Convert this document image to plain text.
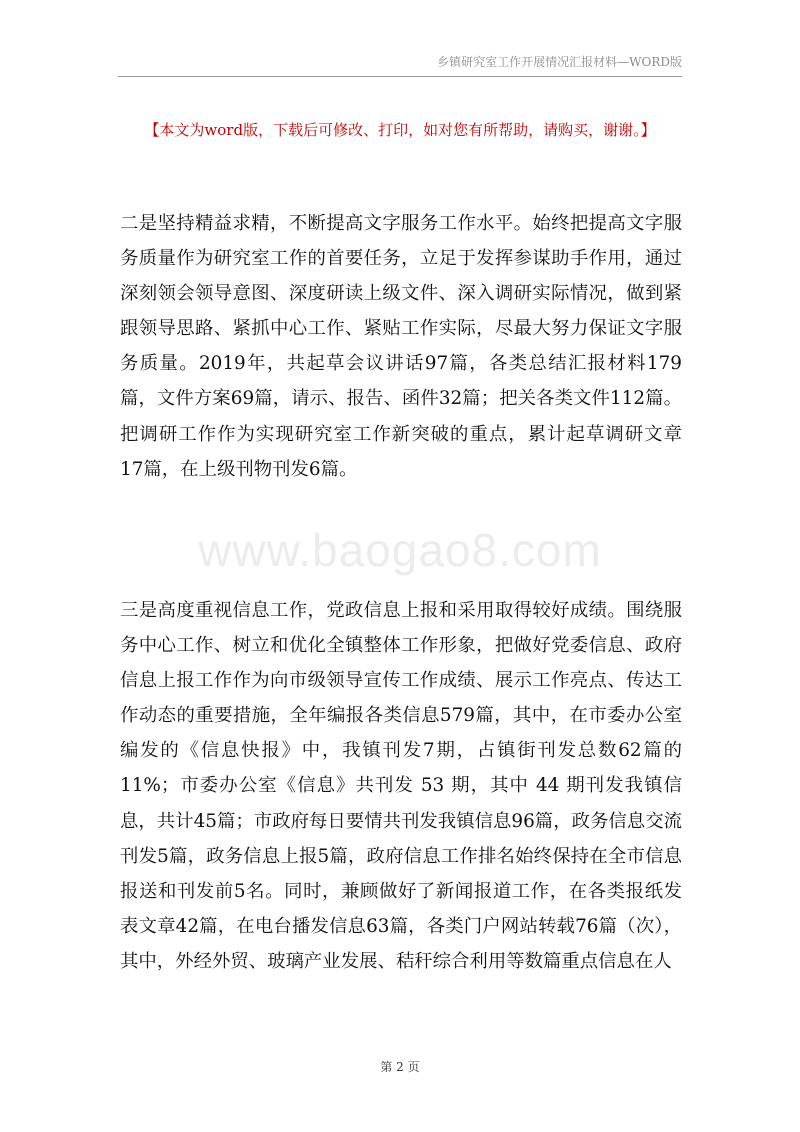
乡镇研究室工作开展情况汇报材料—WORD版
【本文为word版，下载后可修改、打印，如对您有所帮助，请购买，谢谢。】
www.baogao8.com

二是坚持精益求精，不断提高文字服务工作水平。始终把提高文字服务质量作为研究室工作的首要任务，立足于发挥参谋助手作用，通过深刻领会领导意图、深度研读上级文件、深入调研实际情况，做到紧跟领导思路、紧抓中心工作、紧贴工作实际，尽最大努力保证文字服务质量。2019年，共起草会议讲话97篇，各类总结汇报材料179篇，文件方案69篇，请示、报告、函件32篇；把关各类文件112篇。把调研工作作为实现研究室工作新突破的重点，累计起草调研文章 17篇，在上级刊物刊发6篇。

三是高度重视信息工作，党政信息上报和采用取得较好成绩。围绕服务中心工作、树立和优化全镇整体工作形象，把做好党委信息、政府信息上报工作作为向市级领导宣传工作成绩、展示工作亮点、传达工作动态的重要措施，全年编报各类信息579篇，其中，在市委办公室编发的《信息快报》中，我镇刊发7期，占镇街刊发总数62篇的11%；市委办公室《信息》共刊发 53 期，其中 44 期刊发我镇信息，共计45篇；市政府每日要情共刊发我镇信息96篇，政务信息交流刊发5篇，政务信息上报5篇，政府信息工作排名始终保持在全市信息报送和刊发前5名。同时，兼顾做好了新闻报道工作，在各类报纸发表文章42篇，在电台播发信息63篇，各类门户网站转载76篇（次），其中，外经外贸、玻璃产业发展、秸秆综合利用等数篇重点信息在人

第 2 页
